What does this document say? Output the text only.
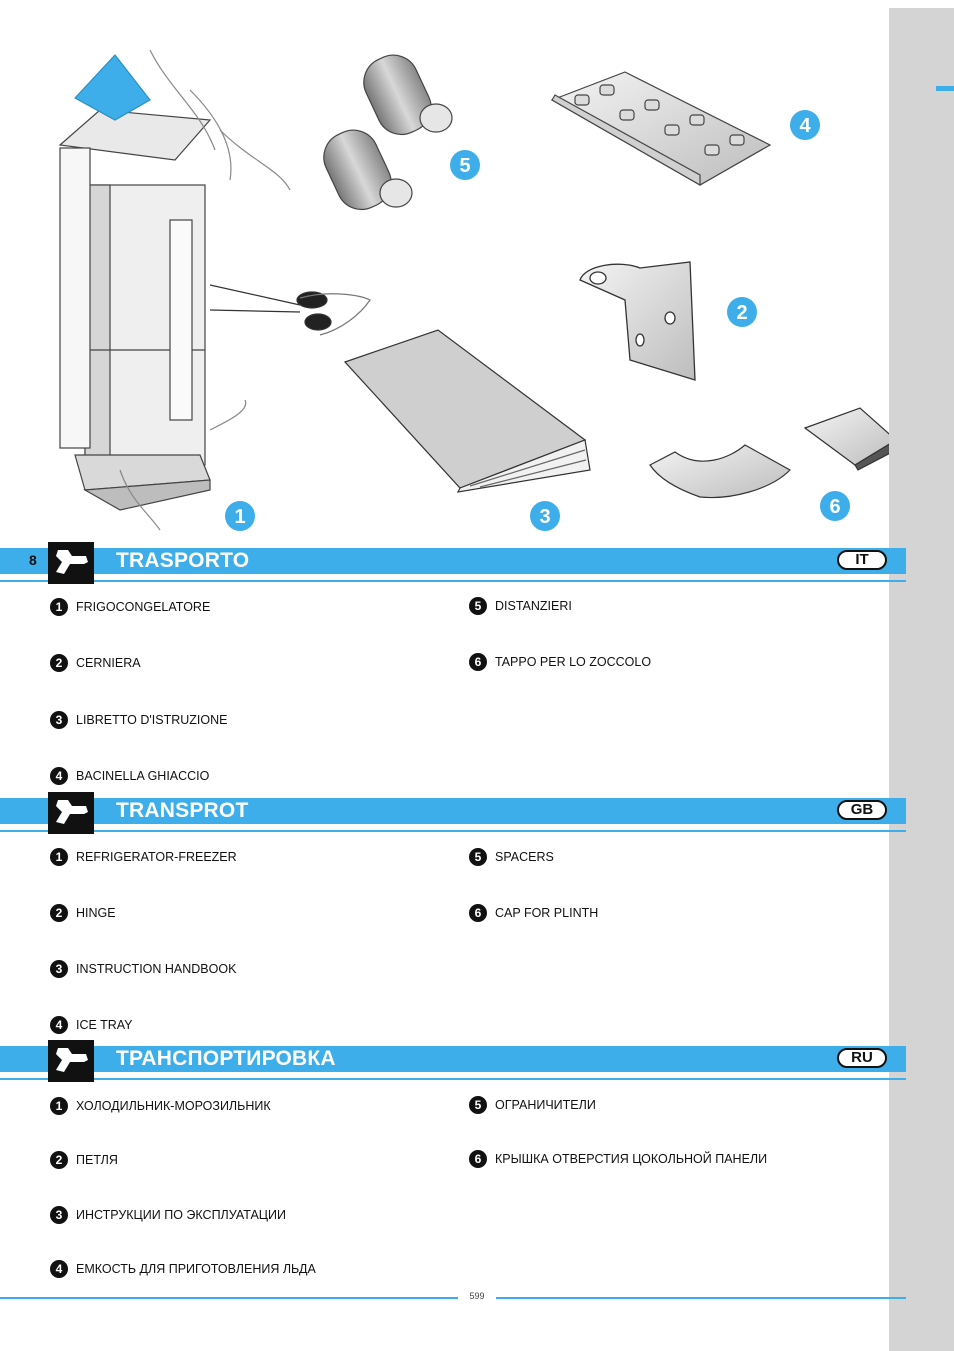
1
2
3
4
5
6
8	TRASPORTO	IT
1	FRIGOCONGELATORE
2	CERNIERA
3	LIBRETTO D'ISTRUZIONE
4	BACINELLA GHIACCIO
5	DISTANZIERI
6	TAPPO PER LO ZOCCOLO
TRANSPROT	GB
1	REFRIGERATOR-FREEZER
2	HINGE
3	INSTRUCTION HANDBOOK
4	ICE TRAY
5	SPACERS
6	CAP FOR PLINTH
ТРАНСПОРТИРОВКА	RU
1	ХОЛОДИЛЬНИК-МОРОЗИЛЬНИК
2	ПЕТЛЯ
3	ИНСТРУКЦИИ ПО ЭКСПЛУАТАЦИИ
4	ЕМКОСТЬ ДЛЯ ПРИГОТОВЛЕНИЯ ЛЬДА
5	ОГРАНИЧИТЕЛИ
6	КРЫШКА ОТВЕРСТИЯ ЦОКОЛЬНОЙ ПАНЕЛИ
599
